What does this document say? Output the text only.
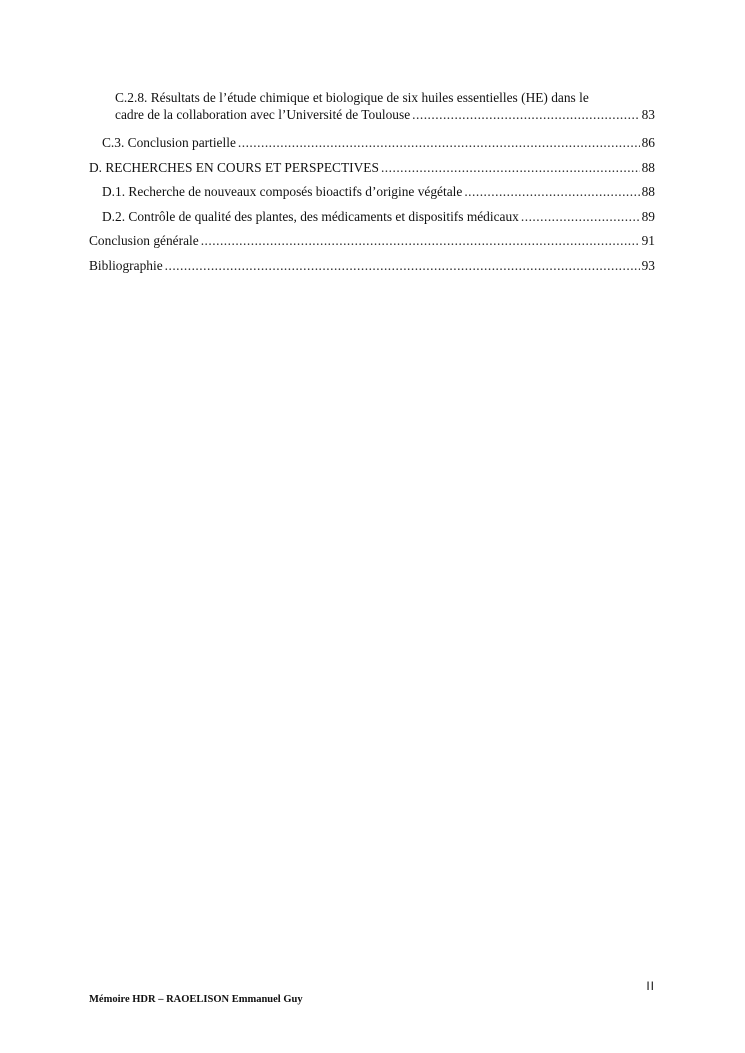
C.2.8. Résultats de l’étude chimique et biologique de six huiles essentielles (HE) dans le
cadre de la collaboration avec l’Université de Toulouse .....	83
C.3. Conclusion partielle .....	86
D. RECHERCHES EN COURS ET PERSPECTIVES .....	88
D.1. Recherche de nouveaux composés bioactifs d’origine végétale .....	88
D.2. Contrôle de qualité des plantes, des médicaments et dispositifs médicaux .....	89
Conclusion générale .....	91
Bibliographie .....	93
II
Mémoire HDR – RAOELISON Emmanuel Guy
